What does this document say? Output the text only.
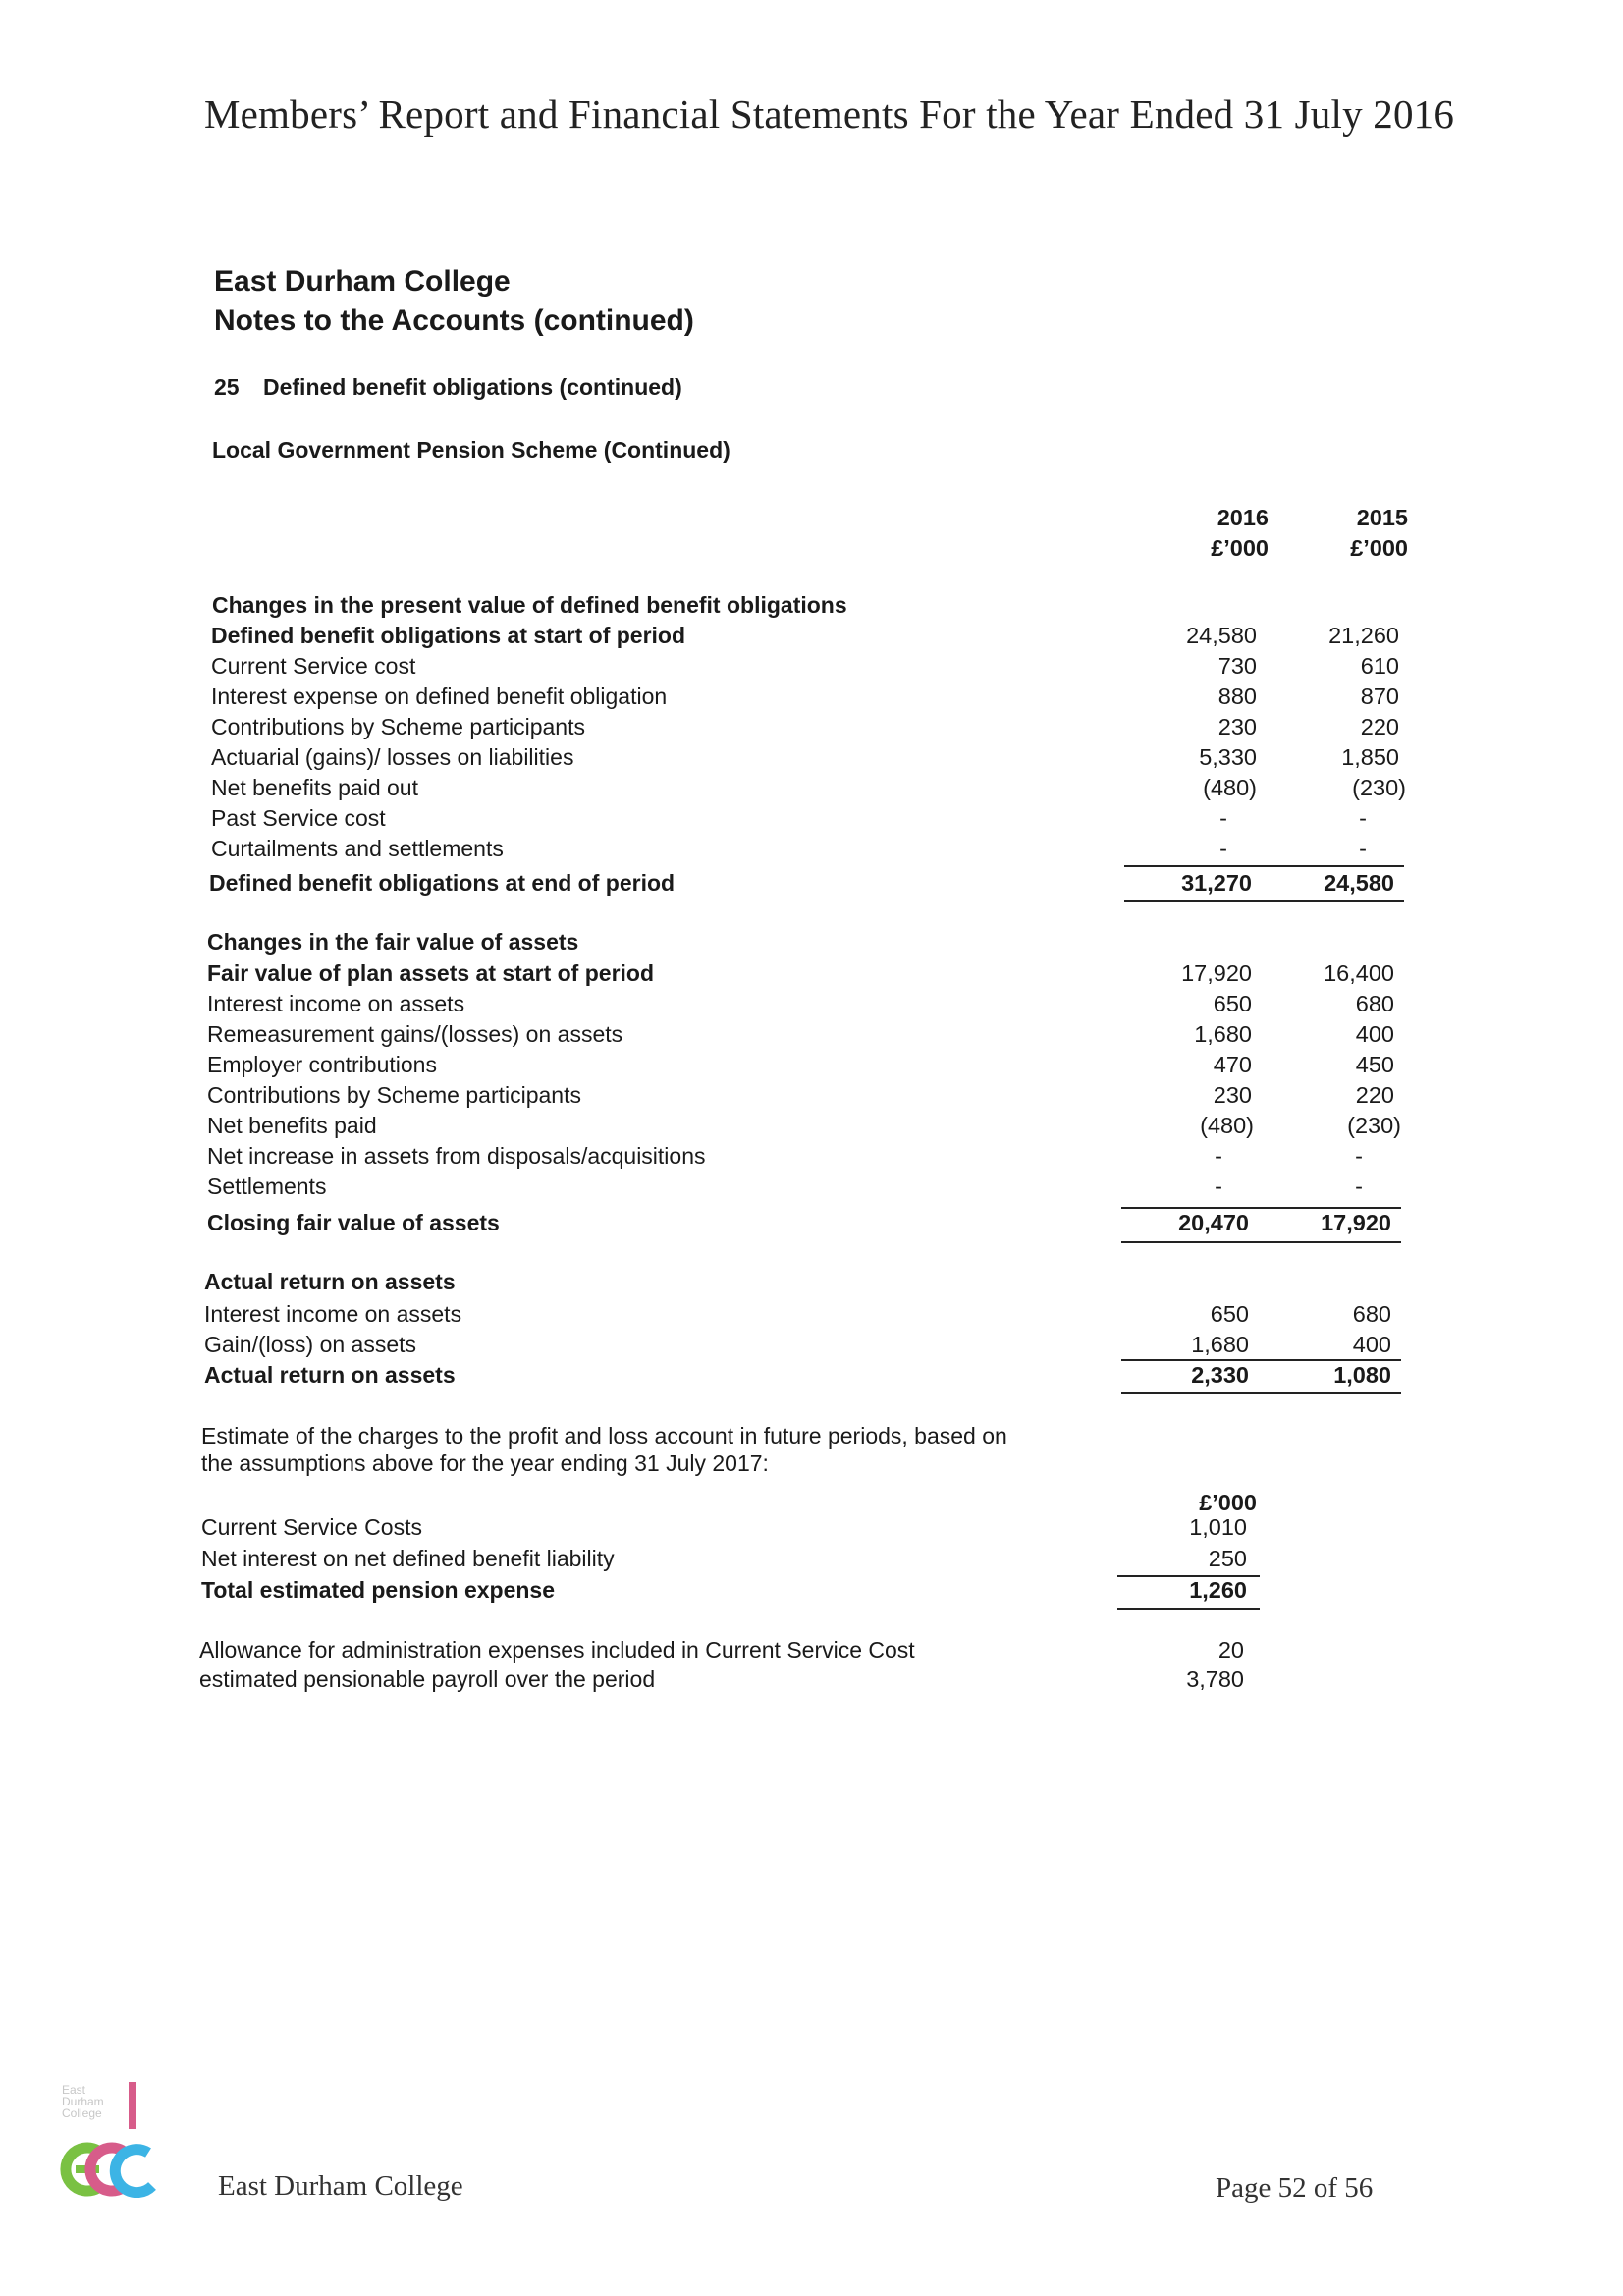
Members’ Report and Financial Statements For the Year Ended 31 July 2016
East Durham College
Notes to the Accounts (continued)
25 Defined benefit obligations (continued)
Local Government Pension Scheme (Continued)
2016	2015
£’000	£’000
Changes in the present value of defined benefit obligations
Defined benefit obligations at start of period	24,580	21,260
Current Service cost	730	610
Interest expense on defined benefit obligation	880	870
Contributions by Scheme participants	230	220
Actuarial (gains)/ losses on liabilities	5,330	1,850
Net benefits paid out	(480)	(230)
Past Service cost	-	-
Curtailments and settlements	-	-
Defined benefit obligations at end of period	31,270	24,580
Changes in the fair value of assets
Fair value of plan assets at start of period	17,920	16,400
Interest income on assets	650	680
Remeasurement gains/(losses) on assets	1,680	400
Employer contributions	470	450
Contributions by Scheme participants	230	220
Net benefits paid	(480)	(230)
Net increase in assets from disposals/acquisitions	-	-
Settlements	-	-
Closing fair value of assets	20,470	17,920
Actual return on assets
Interest income on assets	650	680
Gain/(loss) on assets	1,680	400
Actual return on assets	2,330	1,080
Estimate of the charges to the profit and loss account in future periods, based on
the assumptions above for the year ending 31 July 2017:
£’000
Current Service Costs	1,010
Net interest on net defined benefit liability	250
Total estimated pension expense	1,260
Allowance for administration expenses included in Current Service Cost	20
estimated pensionable payroll over the period	3,780
East
Durham
College
East Durham College	Page 52 of 56
